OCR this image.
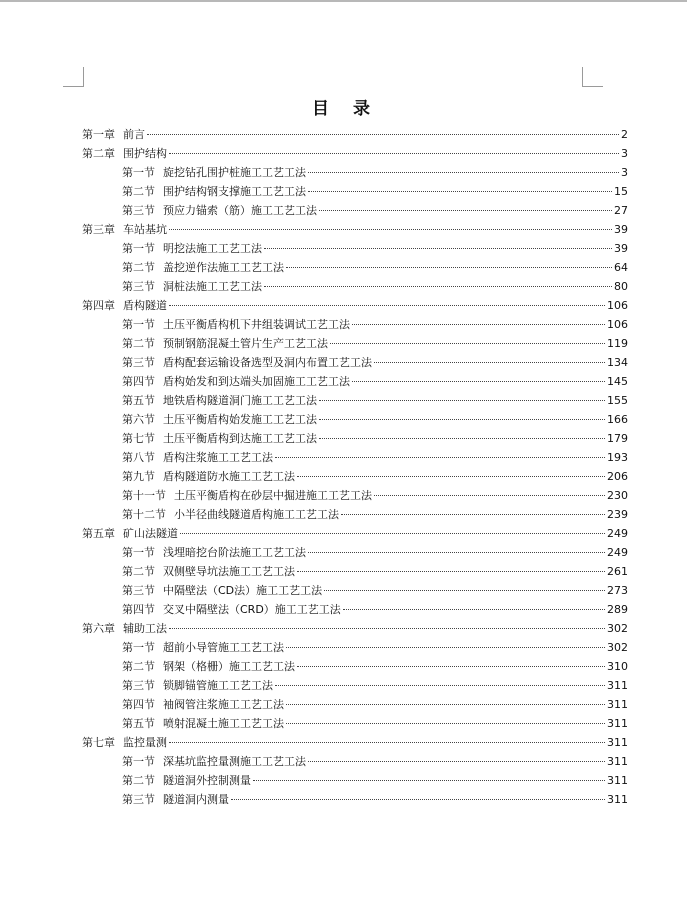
目 录
第一章 前言	2
第二章 围护结构	3
第一节 旋挖钻孔围护桩施工工艺工法	3
第二节 围护结构钢支撑施工工艺工法	15
第三节 预应力锚索（筋）施工工艺工法	27
第三章 车站基坑	39
第一节 明挖法施工工艺工法	39
第二节 盖挖逆作法施工工艺工法	64
第三节 洞桩法施工工艺工法	80
第四章 盾构隧道	106
第一节 土压平衡盾构机下井组装调试工艺工法	106
第二节 预制钢筋混凝土管片生产工艺工法	119
第三节 盾构配套运输设备选型及洞内布置工艺工法	134
第四节 盾构始发和到达端头加固施工工艺工法	145
第五节 地铁盾构隧道洞门施工工艺工法	155
第六节 土压平衡盾构始发施工工艺工法	166
第七节 土压平衡盾构到达施工工艺工法	179
第八节 盾构注浆施工工艺工法	193
第九节 盾构隧道防水施工工艺工法	206
第十一节 土压平衡盾构在砂层中掘进施工工艺工法	230
第十二节 小半径曲线隧道盾构施工工艺工法	239
第五章 矿山法隧道	249
第一节 浅埋暗挖台阶法施工工艺工法	249
第二节 双侧壁导坑法施工工艺工法	261
第三节 中隔壁法（CD法）施工工艺工法	273
第四节 交叉中隔壁法（CRD）施工工艺工法	289
第六章 辅助工法	302
第一节 超前小导管施工工艺工法	302
第二节 钢架（格栅）施工工艺工法	310
第三节 锁脚锚管施工工艺工法	311
第四节 袖阀管注浆施工工艺工法	311
第五节 喷射混凝土施工工艺工法	311
第七章 监控量测	311
第一节 深基坑监控量测施工工艺工法	311
第二节 隧道洞外控制测量	311
第三节 隧道洞内测量	311
